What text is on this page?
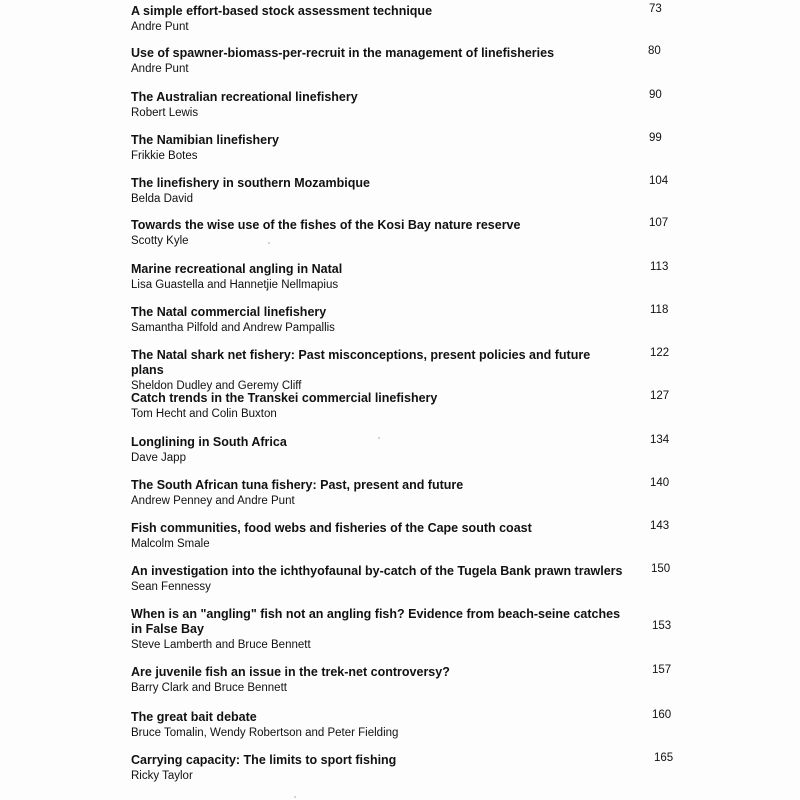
A simple effort-based stock assessment technique

Andre Punt

73

Use of spawner-biomass-per-recruit in the management of linefisheries

Andre Punt

80

The Australian recreational linefishery

Robert Lewis

90

The Namibian linefishery

Frikkie Botes

99

The linefishery in southern Mozambique

Belda David

104

Towards the wise use of the fishes of the Kosi Bay nature reserve

Scotty Kyle

107

Marine recreational angling in Natal

Lisa Guastella and Hannetjie Nellmapius

113

The Natal commercial linefishery

Samantha Pilfold and Andrew Pampallis

118

The Natal shark net fishery: Past misconceptions, present policies and future plans

Sheldon Dudley and Geremy Cliff

122

Catch trends in the Transkei commercial linefishery

Tom Hecht and Colin Buxton

127

Longlining in South Africa

Dave Japp

134

The South African tuna fishery: Past, present and future

Andrew Penney and Andre Punt

140

Fish communities, food webs and fisheries of the Cape south coast

Malcolm Smale

143

An investigation into the ichthyofaunal by-catch of the Tugela Bank prawn trawlers

Sean Fennessy

150

When is an "angling" fish not an angling fish? Evidence from beach-seine catches in False Bay

Steve Lamberth and Bruce Bennett

153

Are juvenile fish an issue in the trek-net controversy?

Barry Clark and Bruce Bennett

157

The great bait debate

Bruce Tomalin, Wendy Robertson and Peter Fielding

160

Carrying capacity: The limits to sport fishing

Ricky Taylor

165
